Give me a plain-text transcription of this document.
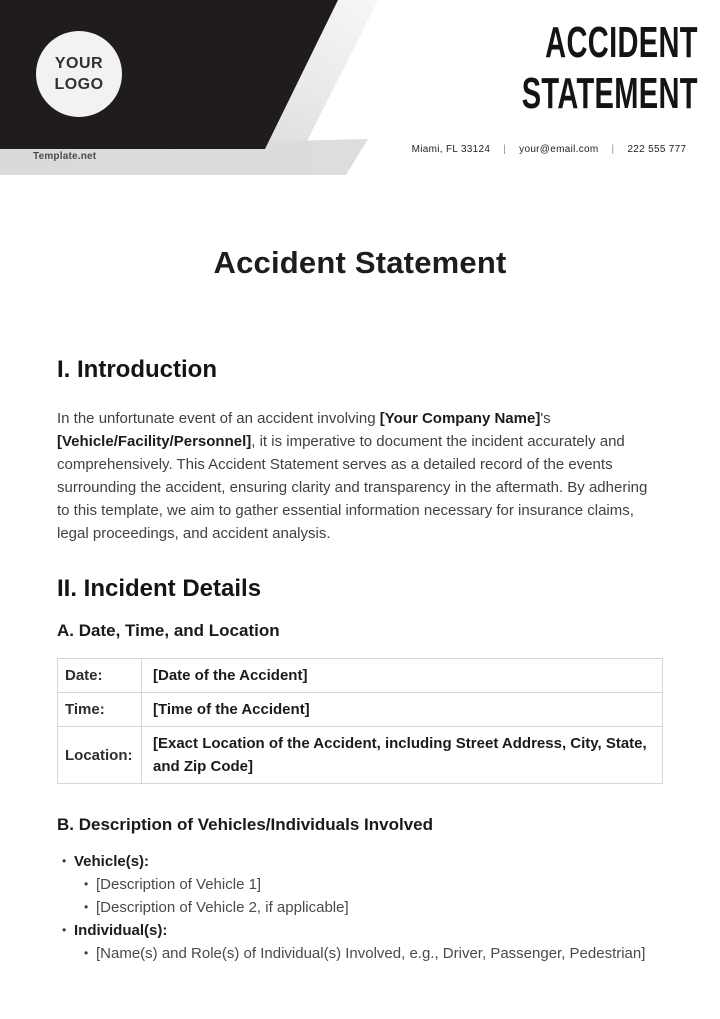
YOUR
LOGO
Template.net
ACCIDENT
STATEMENT
Miami, FL 33124 | your@email.com | 222 555 777
Accident Statement
I. Introduction

In the unfortunate event of an accident involving [Your Company Name]'s [Vehicle/Facility/Personnel], it is imperative to document the incident accurately and comprehensively. This Accident Statement serves as a detailed record of the events surrounding the accident, ensuring clarity and transparency in the aftermath. By adhering to this template, we aim to gather essential information necessary for insurance claims, legal proceedings, and accident analysis.

II. Incident Details
A. Date, Time, and Location
Date:	[Date of the Accident]
Time:	[Time of the Accident]
Location:	[Exact Location of the Accident, including Street Address, City, State, and Zip Code]
B. Description of Vehicles/Individuals Involved
• Vehicle(s):
• [Description of Vehicle 1]
• [Description of Vehicle 2, if applicable]
• Individual(s):
• [Name(s) and Role(s) of Individual(s) Involved, e.g., Driver, Passenger, Pedestrian]
